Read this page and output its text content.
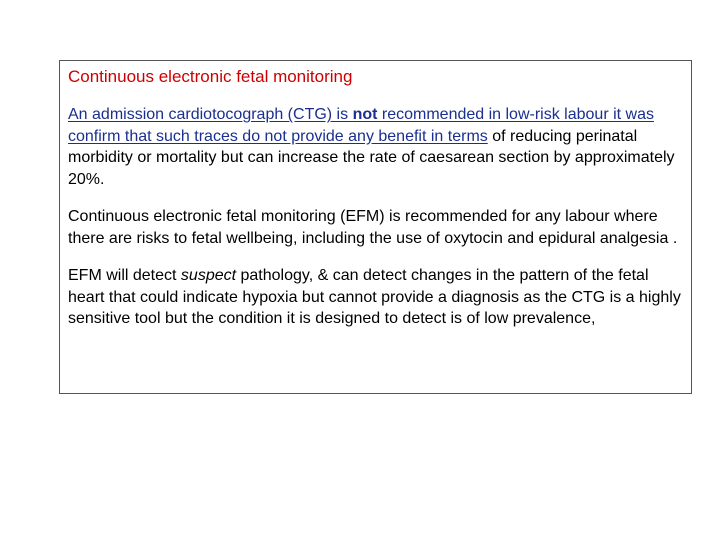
Continuous electronic fetal monitoring
An admission cardiotocograph (CTG) is not recommended in low-risk labour it was confirm that such traces do not provide any benefit in terms of reducing perinatal morbidity or mortality but can increase the rate of caesarean section by approximately 20%.
Continuous electronic fetal monitoring (EFM) is recommended for any labour where there are risks to fetal wellbeing, including the use of oxytocin and epidural analgesia .
EFM will detect suspect pathology, & can detect changes in the pattern of the fetal heart that could indicate hypoxia but cannot provide a diagnosis as the CTG is a highly sensitive tool but the condition it is designed to detect is of low prevalence,
